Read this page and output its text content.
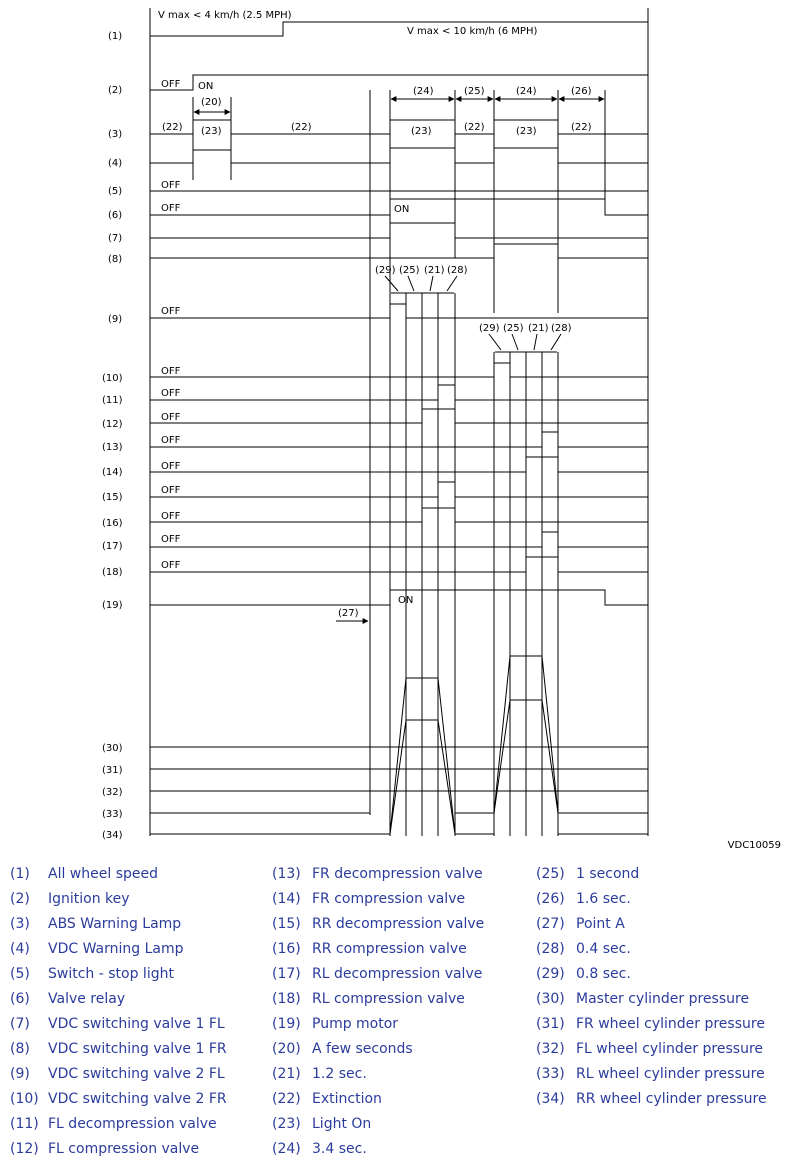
V max < 4 km/h (2.5 MPH)
V max < 10 km/h (6 MPH)
OFF ON
(20)
(24)	(25)	(24)	(26)
(22) (23)	(22)	(23)	(22)	(23)	(22)
OFF
OFF	ON
OFF
(29) (25) (21) (28)
OFF
(29) (25) (21) (28)
OFF
OFF
OFF
OFF
OFF
OFF
OFF
OFF
ON
(27)
(1)
(2)
(3)
(4)
(5)
(6)
(7)
(8)
(9)
(10)
(11)
(12)
(13)
(14)
(15)
(16)
(17)
(18)
(19)
(30)
(31)
(32)
(33)
(34)
VDC10059
(1) All wheel speed
(2) Ignition key
(3) ABS Warning Lamp
(4) VDC Warning Lamp
(5) Switch - stop light
(6) Valve relay
(7) VDC switching valve 1 FL
(8) VDC switching valve 1 FR
(9) VDC switching valve 2 FL
(10) VDC switching valve 2 FR
(11) FL decompression valve
(12) FL compression valve
(13) FR decompression valve
(14) FR compression valve
(15) RR decompression valve
(16) RR compression valve
(17) RL decompression valve
(18) RL compression valve
(19) Pump motor
(20) A few seconds
(21) 1.2 sec.
(22) Extinction
(23) Light On
(24) 3.4 sec.
(25) 1 second
(26) 1.6 sec.
(27) Point A
(28) 0.4 sec.
(29) 0.8 sec.
(30) Master cylinder pressure
(31) FR wheel cylinder pressure
(32) FL wheel cylinder pressure
(33) RL wheel cylinder pressure
(34) RR wheel cylinder pressure
